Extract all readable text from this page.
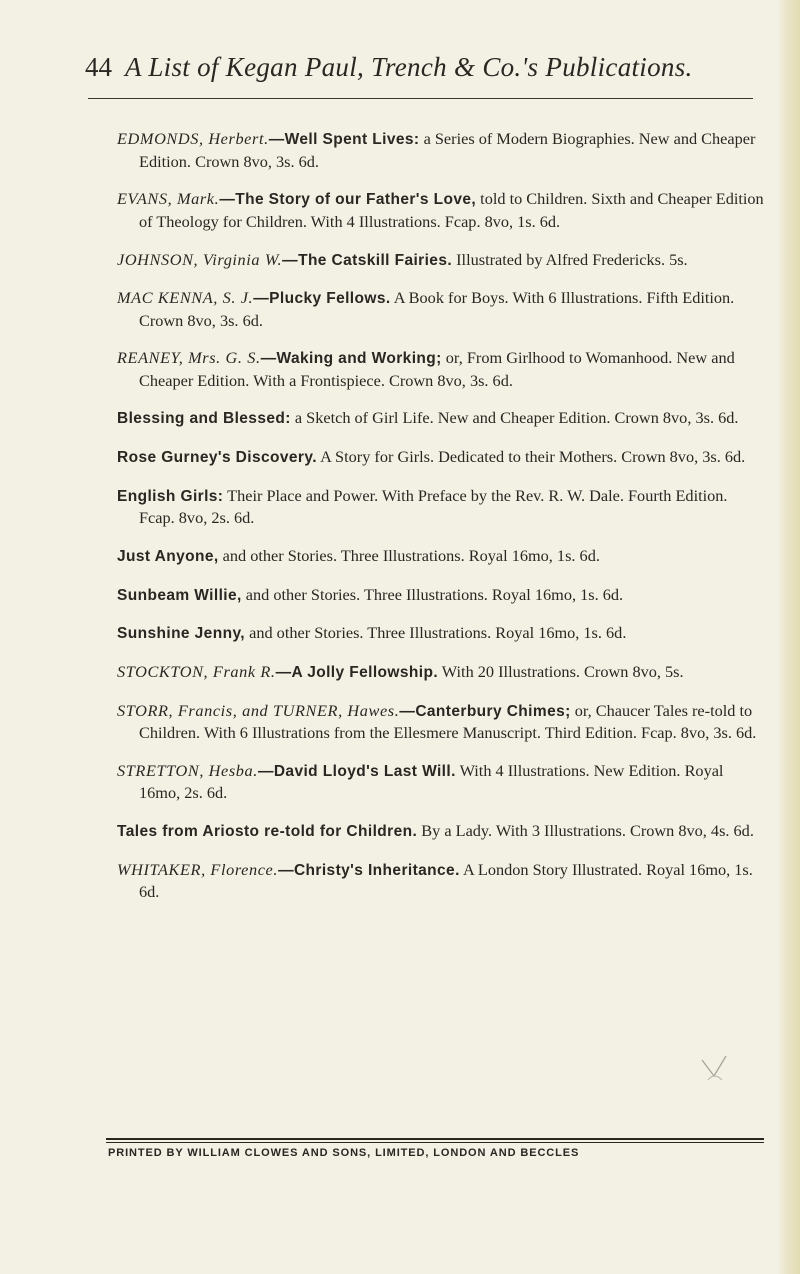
44 A List of Kegan Paul, Trench & Co.'s Publications.

EDMONDS, Herbert.—Well Spent Lives: a Series of Modern Biographies. New and Cheaper Edition. Crown 8vo, 3s. 6d.

EVANS, Mark.—The Story of our Father's Love, told to Children. Sixth and Cheaper Edition of Theology for Children. With 4 Illustrations. Fcap. 8vo, 1s. 6d.

JOHNSON, Virginia W.—The Catskill Fairies. Illustrated by Alfred Fredericks. 5s.

MAC KENNA, S. J.—Plucky Fellows. A Book for Boys. With 6 Illustrations. Fifth Edition. Crown 8vo, 3s. 6d.

REANEY, Mrs. G. S.—Waking and Working; or, From Girlhood to Womanhood. New and Cheaper Edition. With a Frontispiece. Crown 8vo, 3s. 6d.

Blessing and Blessed: a Sketch of Girl Life. New and Cheaper Edition. Crown 8vo, 3s. 6d.

Rose Gurney's Discovery. A Story for Girls. Dedicated to their Mothers. Crown 8vo, 3s. 6d.

English Girls: Their Place and Power. With Preface by the Rev. R. W. Dale. Fourth Edition. Fcap. 8vo, 2s. 6d.

Just Anyone, and other Stories. Three Illustrations. Royal 16mo, 1s. 6d.

Sunbeam Willie, and other Stories. Three Illustrations. Royal 16mo, 1s. 6d.

Sunshine Jenny, and other Stories. Three Illustrations. Royal 16mo, 1s. 6d.

STOCKTON, Frank R.—A Jolly Fellowship. With 20 Illustrations. Crown 8vo, 5s.

STORR, Francis, and TURNER, Hawes.—Canterbury Chimes; or, Chaucer Tales re-told to Children. With 6 Illustrations from the Ellesmere Manuscript. Third Edition. Fcap. 8vo, 3s. 6d.

STRETTON, Hesba.—David Lloyd's Last Will. With 4 Illustrations. New Edition. Royal 16mo, 2s. 6d.

Tales from Ariosto re-told for Children. By a Lady. With 3 Illustrations. Crown 8vo, 4s. 6d.

WHITAKER, Florence.—Christy's Inheritance. A London Story Illustrated. Royal 16mo, 1s. 6d.

PRINTED BY WILLIAM CLOWES AND SONS, LIMITED, LONDON AND BECCLES
